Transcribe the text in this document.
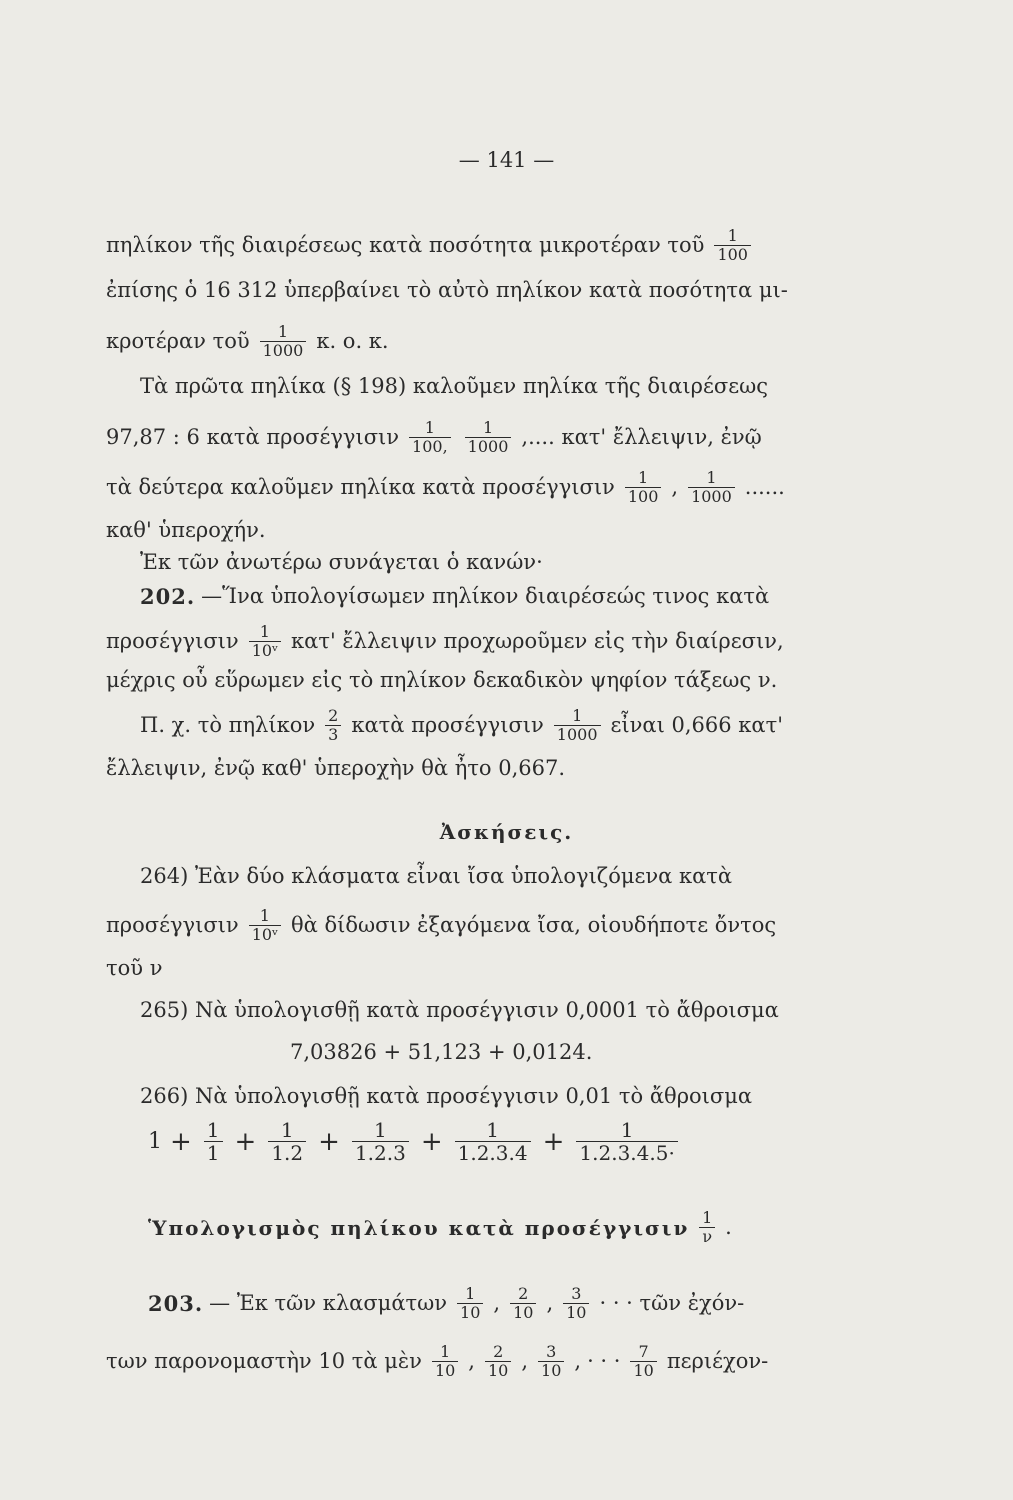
— 141 —
πηλίκον τῆς διαιρέσεως κατὰ ποσότητα μικροτέραν τοῦ $\frac{1}{100}$
ἐπίσης ὁ 16 312 ὑπερβαίνει τὸ αὐτὸ πηλίκον κατὰ ποσότητα μι-
κροτέραν τοῦ $\frac{1}{1000} \kappa$. ο. κ.
Τὰ πρῶτα πηλίκα (§ 198) καλοῦμεν πηλίκα τῆς διαιρέσεως
97,87 : 6 κατὰ προσέγγισιν $\frac{1}{100,} \frac{1}{1000}$ ,.... κατ' ἔλλειψιν, ἐνῷ
τὰ δεύτερα καλοῦμεν πηλίκα κατὰ προσέγγισιν $\frac{1}{100}$ , $\frac{1}{1000}$ ......
καθ' ὑπεροχήν.
Ἐκ τῶν ἀνωτέρω συνάγεται ὁ κανών·
202. —Ἵνα ὑπολογίσωμεν πηλίκον διαιρέσεώς τινος κατὰ
προσέγγισιν $\frac{1}{\text{10ᵛ}} \kappa\alpha\tau'$ ἔλλειψιν προχωροῦμεν εἰς τὴν διαίρεσιν,
μέχρις οὗ εὕρωμεν εἰς τὸ πηλίκον δεκαδικὸν ψηφίον τάξεως ν.
Π. χ. τὸ πηλίκον $\frac{2}{3}$ κατὰ προσέγγισιν $\frac{1}{1000}$ εἶναι 0,666 κατ'
ἔλλειψιν, ἐνῷ καθ' ὑπεροχὴν θὰ ἦτο 0,667.
Ἀσκήσεις.
264) Ἐὰν δύο κλάσματα εἶναι ἴσα ὑπολογιζόμενα κατὰ
προσέγγισιν $\frac{1}{\text{10ᵛ}}$ θὰ δίδωσιν ἐξαγόμενα ἴσα, οἱουδήποτε ὄντος
τοῦ ν
265) Νὰ ὑπολογισθῇ κατὰ προσέγγισιν 0,0001 τὸ ἄθροισμα
7,03826 + 51,123 + 0,0124.
266) Νὰ ὑπολογισθῇ κατὰ προσέγγισιν 0,01 τὸ ἄθροισμα
$1 + \frac{1}{1} + \frac{1}{1.2} + \frac{1}{1.2.3} + \frac{1}{1.2.3.4} + \frac{1}{1.2.3.4.5\cdot}$
Ὑπολογισμὸς πηλίκου κατὰ προσέγγισιν $\frac{1}{\nu}$ .
203. — Ἐκ τῶν κλασμάτων $\frac{1}{10}$ , $\frac{2}{10}$ , $\frac{3}{10}$ · · · τῶν ἐχόν-
των παρονομαστὴν 10 τὰ μὲν $\frac{1}{10}$ , $\frac{2}{10}$ , $\frac{3}{10}$ , · · · $\frac{7}{10} \pi\varepsilon\rho\iota έ\chi o\nu-$
